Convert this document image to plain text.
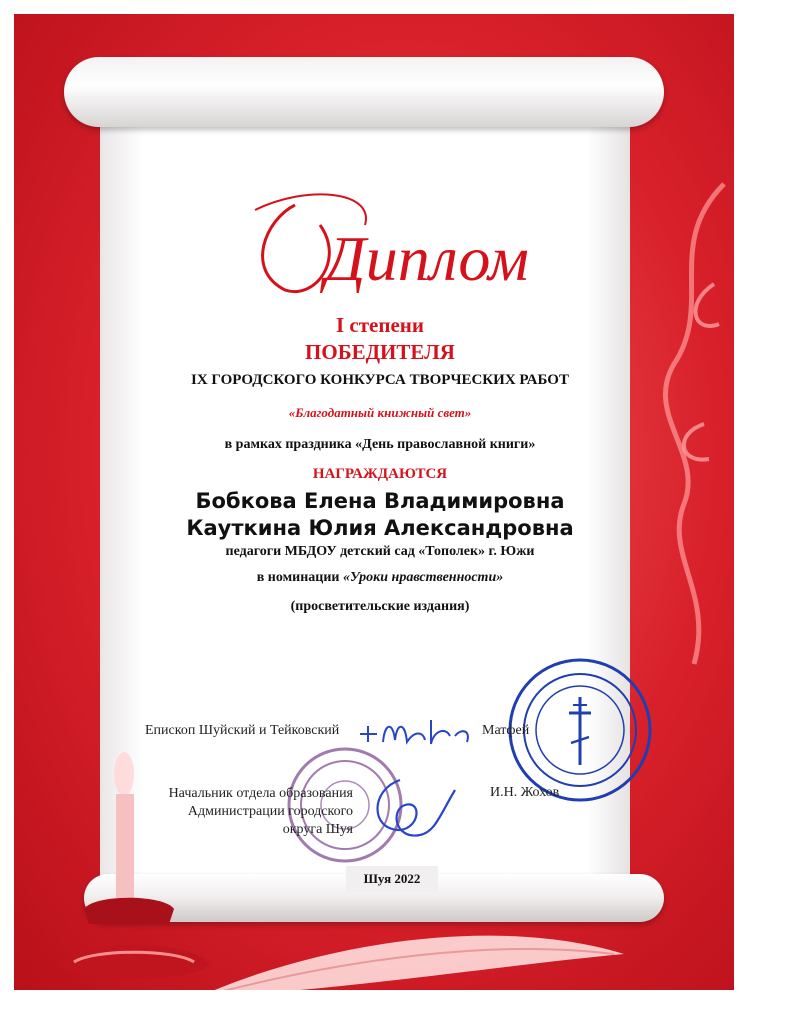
Диплом
I степени
ПОБЕДИТЕЛЯ
IX ГОРОДСКОГО КОНКУРСА ТВОРЧЕСКИХ РАБОТ
«Благодатный книжный свет»
в рамках праздника «День православной книги»
НАГРАЖДАЮТСЯ
Бобкова Елена Владимировна
Кауткина Юлия Александровна
педагоги МБДОУ детский сад «Тополек» г. Южи
в номинации «Уроки нравственности»
(просветительские издания)
Епископ Шуйский и Тейковский	Матфей
Начальник отдела образования
Администрации городского
округа Шуя
И.Н. Жохов
Шуя 2022
